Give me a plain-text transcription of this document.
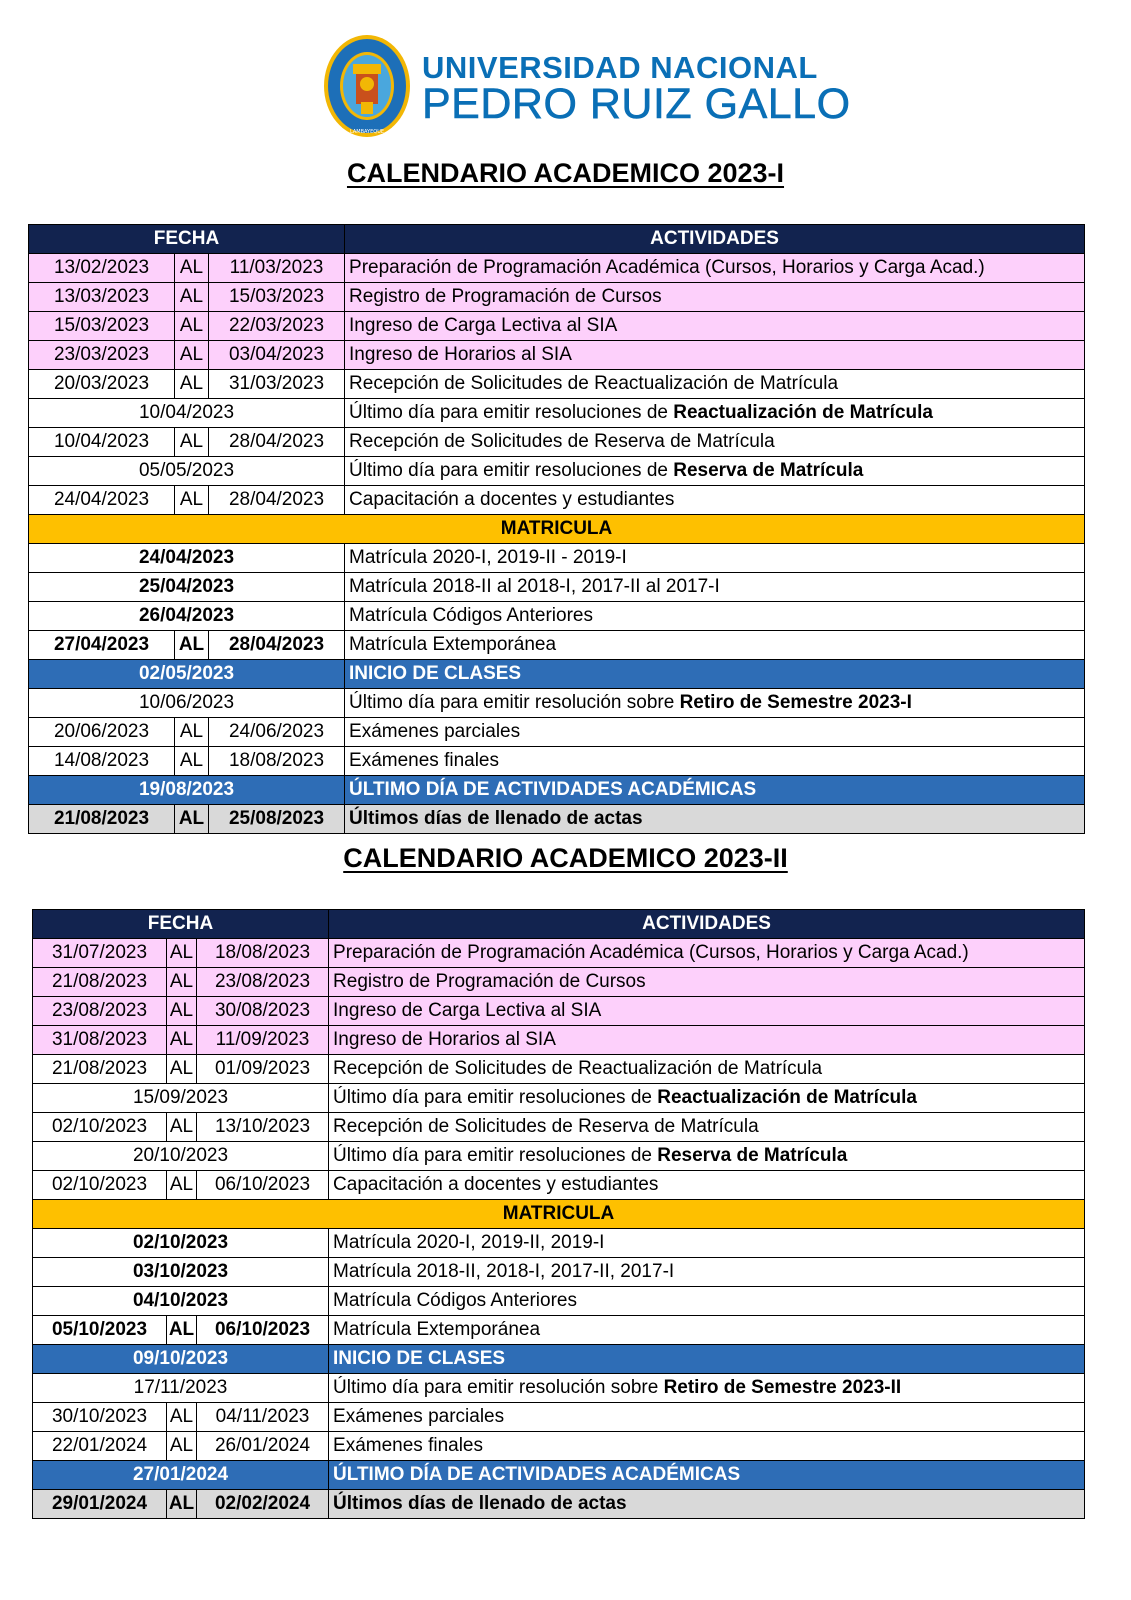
LAMBAYEQUE
UNIVERSIDAD NACIONAL
PEDRO RUIZ GALLO
CALENDARIO ACADEMICO 2023-I
FECHA			ACTIVIDADES
13/02/2023	AL	11/03/2023	Preparación de Programación Académica (Cursos, Horarios y Carga Acad.)
13/03/2023	AL	15/03/2023	Registro de Programación de Cursos
15/03/2023	AL	22/03/2023	Ingreso de Carga Lectiva al SIA
23/03/2023	AL	03/04/2023	Ingreso de Horarios al SIA
20/03/2023	AL	31/03/2023	Recepción de Solicitudes de Reactualización de Matrícula
10/04/2023			Último día para emitir resoluciones de Reactualización de Matrícula
10/04/2023	AL	28/04/2023	Recepción de Solicitudes de Reserva de Matrícula
05/05/2023			Último día para emitir resoluciones de Reserva de Matrícula
24/04/2023	AL	28/04/2023	Capacitación a docentes y estudiantes
MATRICULA			
24/04/2023			Matrícula 2020-I, 2019-II - 2019-I
25/04/2023			Matrícula 2018-II al 2018-I, 2017-II al 2017-I
26/04/2023			Matrícula Códigos Anteriores
27/04/2023	AL	28/04/2023	Matrícula Extemporánea
02/05/2023			INICIO DE CLASES
10/06/2023			Último día para emitir resolución sobre Retiro de Semestre 2023-I
20/06/2023	AL	24/06/2023	Exámenes parciales
14/08/2023	AL	18/08/2023	Exámenes finales
19/08/2023			ÚLTIMO DÍA DE ACTIVIDADES ACADÉMICAS
21/08/2023	AL	25/08/2023	Últimos días de llenado de actas
CALENDARIO ACADEMICO 2023-II
FECHA			ACTIVIDADES
31/07/2023	AL	18/08/2023	Preparación de Programación Académica (Cursos, Horarios y Carga Acad.)
21/08/2023	AL	23/08/2023	Registro de Programación de Cursos
23/08/2023	AL	30/08/2023	Ingreso de Carga Lectiva al SIA
31/08/2023	AL	11/09/2023	Ingreso de Horarios al SIA
21/08/2023	AL	01/09/2023	Recepción de Solicitudes de Reactualización de Matrícula
15/09/2023			Último día para emitir resoluciones de Reactualización de Matrícula
02/10/2023	AL	13/10/2023	Recepción de Solicitudes de Reserva de Matrícula
20/10/2023			Último día para emitir resoluciones de Reserva de Matrícula
02/10/2023	AL	06/10/2023	Capacitación a docentes y estudiantes
MATRICULA			
02/10/2023			Matrícula 2020-I, 2019-II, 2019-I
03/10/2023			Matrícula 2018-II, 2018-I, 2017-II, 2017-I
04/10/2023			Matrícula Códigos Anteriores
05/10/2023	AL	06/10/2023	Matrícula Extemporánea
09/10/2023			INICIO DE CLASES
17/11/2023			Último día para emitir resolución sobre Retiro de Semestre 2023-II
30/10/2023	AL	04/11/2023	Exámenes parciales
22/01/2024	AL	26/01/2024	Exámenes finales
27/01/2024			ÚLTIMO DÍA DE ACTIVIDADES ACADÉMICAS
29/01/2024	AL	02/02/2024	Últimos días de llenado de actas
